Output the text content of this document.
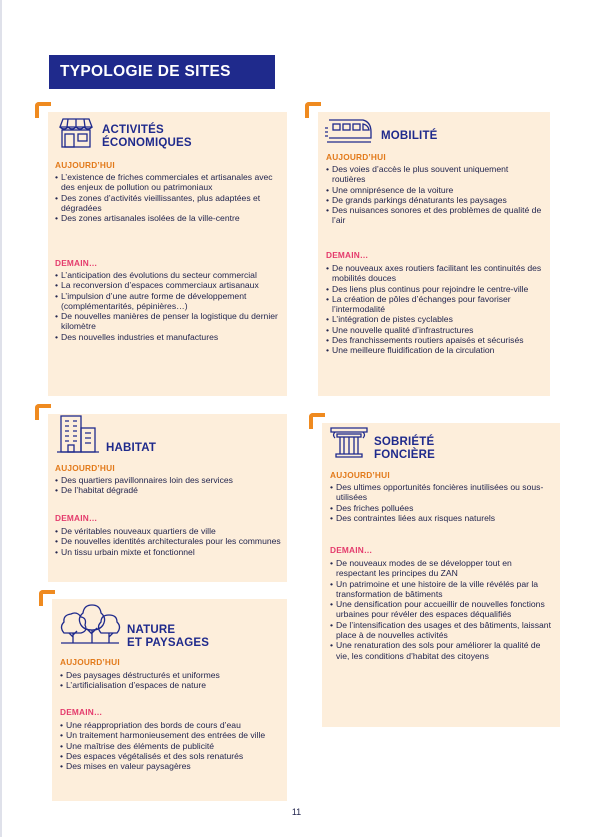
TYPOLOGIE DE SITES
ACTIVITÉS
ÉCONOMIQUES
AUJOURD’HUI
• L’existence de friches commerciales et artisanales avec des enjeux de pollution ou patrimoniaux
• Des zones d’activités vieillissantes, plus adaptées et dégradées
• Des zones artisanales isolées de la ville-centre
DEMAIN…
• L’anticipation des évolutions du secteur commercial
• La reconversion d’espaces commerciaux artisanaux
• L’impulsion d’une autre forme de développement (complémentarités, pépinières…)
• De nouvelles manières de penser la logistique du dernier kilomètre
• Des nouvelles industries et manufactures
MOBILITÉ
AUJOURD’HUI
• Des voies d’accès le plus souvent uniquement routières
• Une omniprésence de la voiture
• De grands parkings dénaturants les paysages
• Des nuisances sonores et des problèmes de qualité de l’air
DEMAIN…
• De nouveaux axes routiers facilitant les continuités des mobilités douces
• Des liens plus continus pour rejoindre le centre-ville
• La création de pôles d’échanges pour favoriser l’intermodalité
• L’intégration de pistes cyclables
• Une nouvelle qualité d’infrastructures
• Des franchissements routiers apaisés et sécurisés
• Une meilleure fluidification de la circulation
HABITAT
AUJOURD’HUI
• Des quartiers pavillonnaires loin des services
• De l’habitat dégradé
DEMAIN…
• De véritables nouveaux quartiers de ville
• De nouvelles identités architecturales pour les communes
• Un tissu urbain mixte et fonctionnel
SOBRIÉTÉ
FONCIÈRE
AUJOURD’HUI
• Des ultimes opportunités foncières inutilisées ou sous-utilisées
• Des friches polluées
• Des contraintes liées aux risques naturels
DEMAIN…
• De nouveaux modes de se développer tout en respectant les principes du ZAN
• Un patrimoine et une histoire de la ville révélés par la transformation de bâtiments
• Une densification pour accueillir de nouvelles fonctions urbaines pour révéler des espaces déqualifiés
• De l’intensification des usages et des bâtiments, laissant place à de nouvelles activités
• Une renaturation des sols pour améliorer la qualité de vie, les conditions d’habitat des citoyens
NATURE
ET PAYSAGES
AUJOURD’HUI
• Des paysages déstructurés et uniformes
• L’artificialisation d’espaces de nature
DEMAIN…
• Une réappropriation des bords de cours d’eau
• Un traitement harmonieusement des entrées de ville
• Une maîtrise des éléments de publicité
• Des espaces végétalisés et des sols renaturés
• Des mises en valeur paysagères
11
